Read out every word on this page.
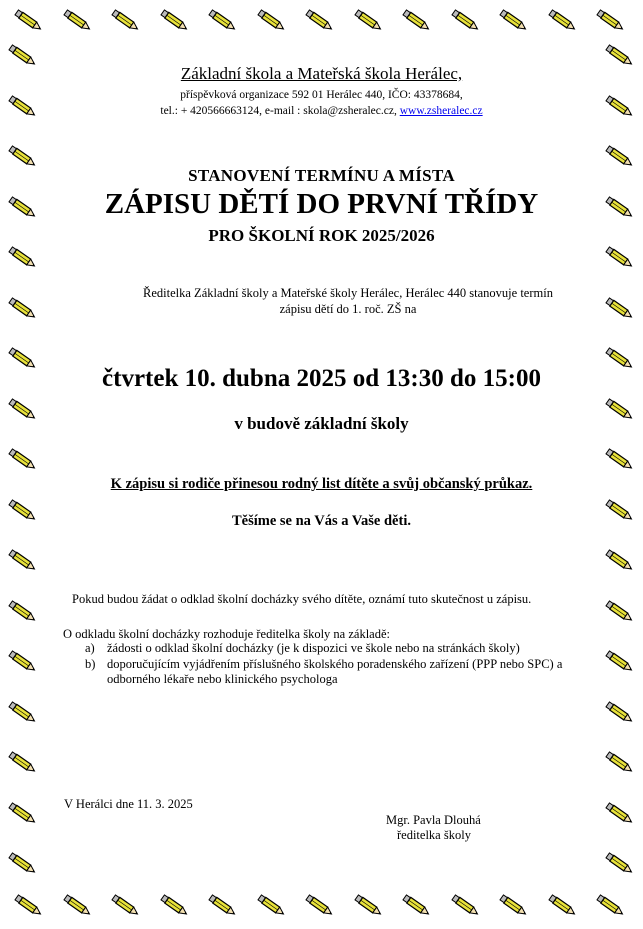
Základní škola a Mateřská škola Herálec,
příspěvková organizace 592 01 Herálec 440, IČO: 43378684,
tel.: + 420566663124, e-mail : skola@zsheralec.cz, www.zsheralec.cz
STANOVENÍ TERMÍNU A MÍSTA
ZÁPISU DĚTÍ DO PRVNÍ TŘÍDY
PRO ŠKOLNÍ ROK 2025/2026
Ředitelka Základní školy a Mateřské školy Herálec, Herálec 440 stanovuje termín
zápisu dětí do 1. roč. ZŠ na
čtvrtek 10. dubna 2025 od 13:30 do 15:00
v budově základní školy
K zápisu si rodiče přinesou rodný list dítěte a svůj občanský průkaz.
Těšíme se na Vás a Vaše děti.
Pokud budou žádat o odklad školní docházky svého dítěte, oznámí tuto skutečnost u zápisu.
O odkladu školní docházky rozhoduje ředitelka školy na základě:
a) žádosti o odklad školní docházky (je k dispozici ve škole nebo na stránkách školy)
b) doporučujícím vyjádřením příslušného školského poradenského zařízení (PPP nebo SPC) a odborného lékaře nebo klinického psychologa
V Herálci dne 11. 3. 2025
Mgr. Pavla Dlouhá
ředitelka školy
